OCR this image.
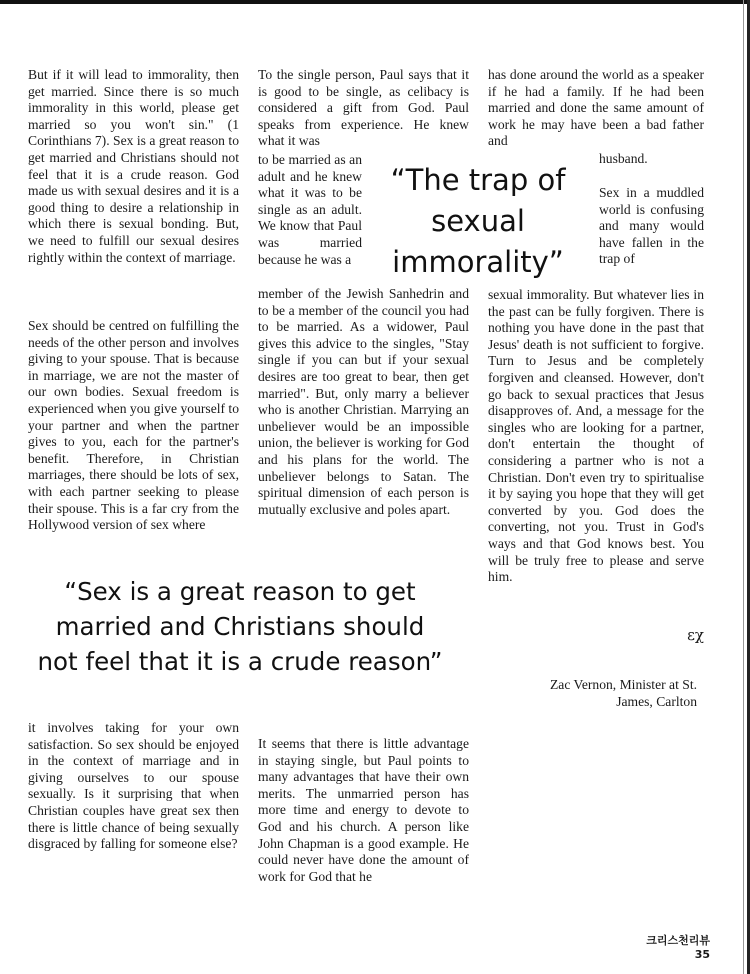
But if it will lead to immorality, then get married. Since there is so much immorality in this world, please get married so you won't sin." (1 Corinthians 7). Sex is a great reason to get married and Christians should not feel that it is a crude reason. God made us with sexual desires and it is a good thing to desire a relationship in which there is sexual bonding. But, we need to fulfill our sexual desires rightly within the context of marriage.

Sex should be centred on fulfilling the needs of the other person and involves giving to your spouse. That is because in marriage, we are not the master of our own bodies. Sexual freedom is experienced when you give yourself to your partner and when the partner gives to you, each for the partner's benefit. Therefore, in Christian marriages, there should be lots of sex, with each partner seeking to please their spouse. This is a far cry from the Hollywood version of sex where

To the single person, Paul says that it is good to be single, as celibacy is considered a gift from God. Paul speaks from experience. He knew what it was

to be married as an adult and he knew what it was to be single as an adult. We know that Paul was married because he was a

member of the Jewish Sanhedrin and to be a member of the council you had to be married. As a widower, Paul gives this advice to the singles, "Stay single if you can but if your sexual desires are too great to bear, then get married". But, only marry a believer who is another Christian. Marrying an unbeliever would be an impossible union, the believer is working for God and his plans for the world. The unbeliever belongs to Satan. The spiritual dimension of each person is mutually exclusive and poles apart.

has done around the world as a speaker if he had a family. If he had been married and done the same amount of work he may have been a bad father and

husband.

Sex in a muddled world is confusing and many would have fallen in the trap of

sexual immorality. But whatever lies in the past can be fully forgiven. There is nothing you have done in the past that Jesus' death is not sufficient to forgive. Turn to Jesus and be completely forgiven and cleansed. However, don't go back to sexual practices that Jesus disapproves of. And, a message for the singles who are looking for a partner, don't entertain the thought of considering a partner who is not a Christian. Don't even try to spiritualise it by saying you hope that they will get converted by you. God does the converting, not you. Trust in God's ways and that God knows best. You will be truly free to please and serve him.

εχ

“The trap of sexual immorality”

“Sex is a great reason to get married and Christians should not feel that it is a crude reason”

Zac Vernon, Minister at St.

James, Carlton

it involves taking for your own satisfaction. So sex should be enjoyed in the context of marriage and in giving ourselves to our spouse sexually. Is it surprising that when Christian couples have great sex then there is little chance of being sexually disgraced by falling for someone else?

It seems that there is little advantage in staying single, but Paul points to many advantages that have their own merits. The unmarried person has more time and energy to devote to God and his church. A person like John Chapman is a good example. He could never have done the amount of work for God that he

크리스천리뷰 35
